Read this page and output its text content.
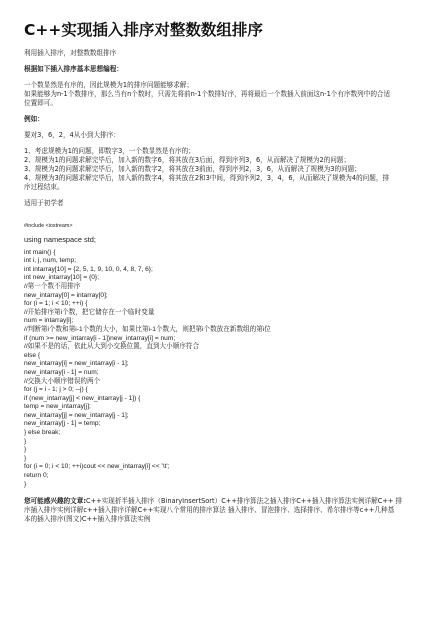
C++实现插入排序对整数数组排序

利用插入排序，对整数数组排序

根据如下插入排序基本思想编程：

一个数显然是有序的，因此规模为1的排序问题能够求解；

如果能够为n-1个数排序，那么当有n个数时，只需先将前n-1个数排好序，再将最后一个数插入前面这n-1个有序数列中的合适

位置即可。

例如：

要对3，6，2，4从小到大排序：

1、考虑规模为1的问题，即数字3，一个数显然是有序的；

2、规模为1的问题求解完毕后，加入新的数字6，将其放在3后面，得到序列3，6，从而解决了规模为2的问题；

3、规模为2的问题求解完毕后，加入新的数字2，将其放在3前面，得到序列2，3，6，从而解决了规模为3的问题；

4、规模为3的问题求解完毕后，加入新的数字4，将其放在2和3中间，得到序列2，3，4，6，从而解决了规模为4的问题，排

序过程结束。

适用于初学者

#include <iostream>

using namespace std;

int main() {

int i, j, num, temp;

int intarray[10] = {2, 5, 1, 9, 10, 0, 4, 8, 7, 6};

int new_intarray[10] = {0};

//第一个数不用排序

new_intarray[0] = intarray[0];

for (i = 1; i < 10; ++i) {

//开始排序第i个数，把它储存在一个临时变量

num = intarray[i];

//判断第i个数和第i-1个数的大小，如果比第i-1个数大，则把第i个数放在新数组的第i位

if (num >= new_intarray[i - 1])new_intarray[i] = num;

//如果不是的话，依此从大到小交换位置，直到大小顺序符合

else {

new_intarray[i] = new_intarray[i - 1];

new_intarray[i - 1] = num;

//交换大小顺序错误的两个

for (j = i - 1; j > 0; --j) {

if (new_intarray[j] < new_intarray[j - 1]) {

temp = new_intarray[j];

new_intarray[j] = new_intarray[j - 1];

new_intarray[j - 1] = temp;

} else break;

}

}

}

for (i = 0; i < 10; ++i)cout << new_intarray[i] << '\t';

return 0;

}

您可能感兴趣的文章:C++实现折半插入排序（BinaryInsertSort）C++排序算法之插入排序C++插入排序算法实例详解C++ 排

序插入排序实例详解c++插入排序详解C++实现八个常用的排序算法 插入排序、冒泡排序、选择排序、希尔排序等c++几种基

本的插入排序(图文)C++插入排序算法实例
